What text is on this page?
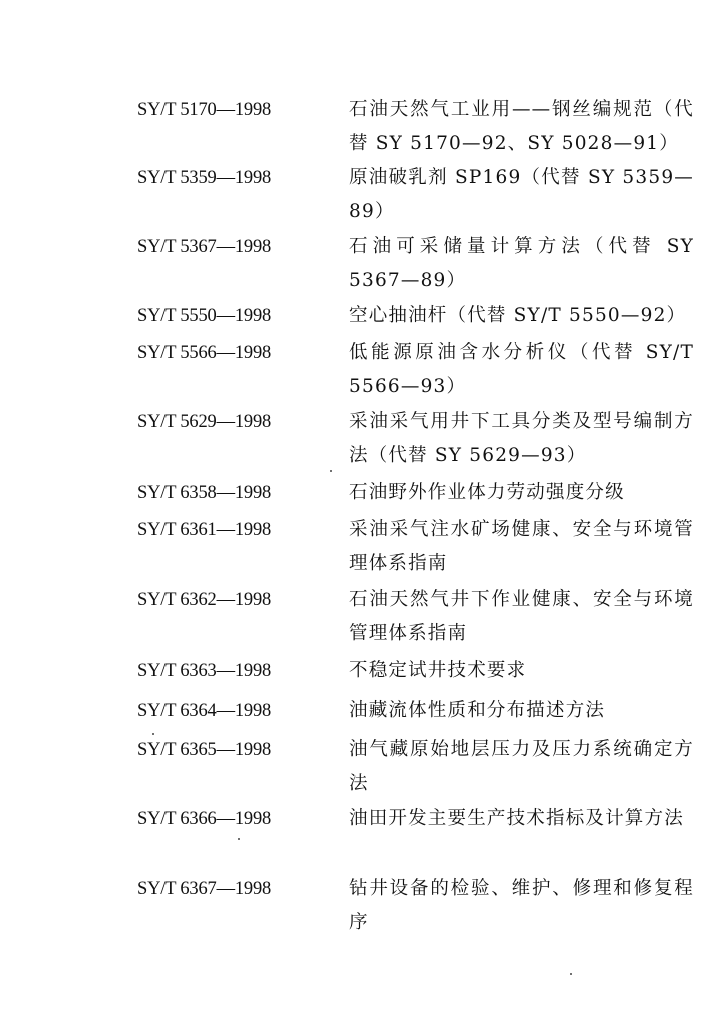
SY/T 5170—1998	石油天然气工业用——钢丝编规范（代替 SY 5170—92、SY 5028—91）
SY/T 5359—1998	原油破乳剂 SP169（代替 SY 5359—89）
SY/T 5367—1998	石油可采储量计算方法（代替 SY 5367—89）
SY/T 5550—1998	空心抽油杆（代替 SY/T 5550—92）
SY/T 5566—1998	低能源原油含水分析仪（代替 SY/T 5566—93）
SY/T 5629—1998	采油采气用井下工具分类及型号编制方法（代替 SY 5629—93）
SY/T 6358—1998	石油野外作业体力劳动强度分级
SY/T 6361—1998	采油采气注水矿场健康、安全与环境管理体系指南
SY/T 6362—1998	石油天然气井下作业健康、安全与环境管理体系指南
SY/T 6363—1998	不稳定试井技术要求
SY/T 6364—1998	油藏流体性质和分布描述方法
SY/T 6365—1998	油气藏原始地层压力及压力系统确定方法
SY/T 6366—1998	油田开发主要生产技术指标及计算方法
SY/T 6367—1998	钻井设备的检验、维护、修理和修复程序
